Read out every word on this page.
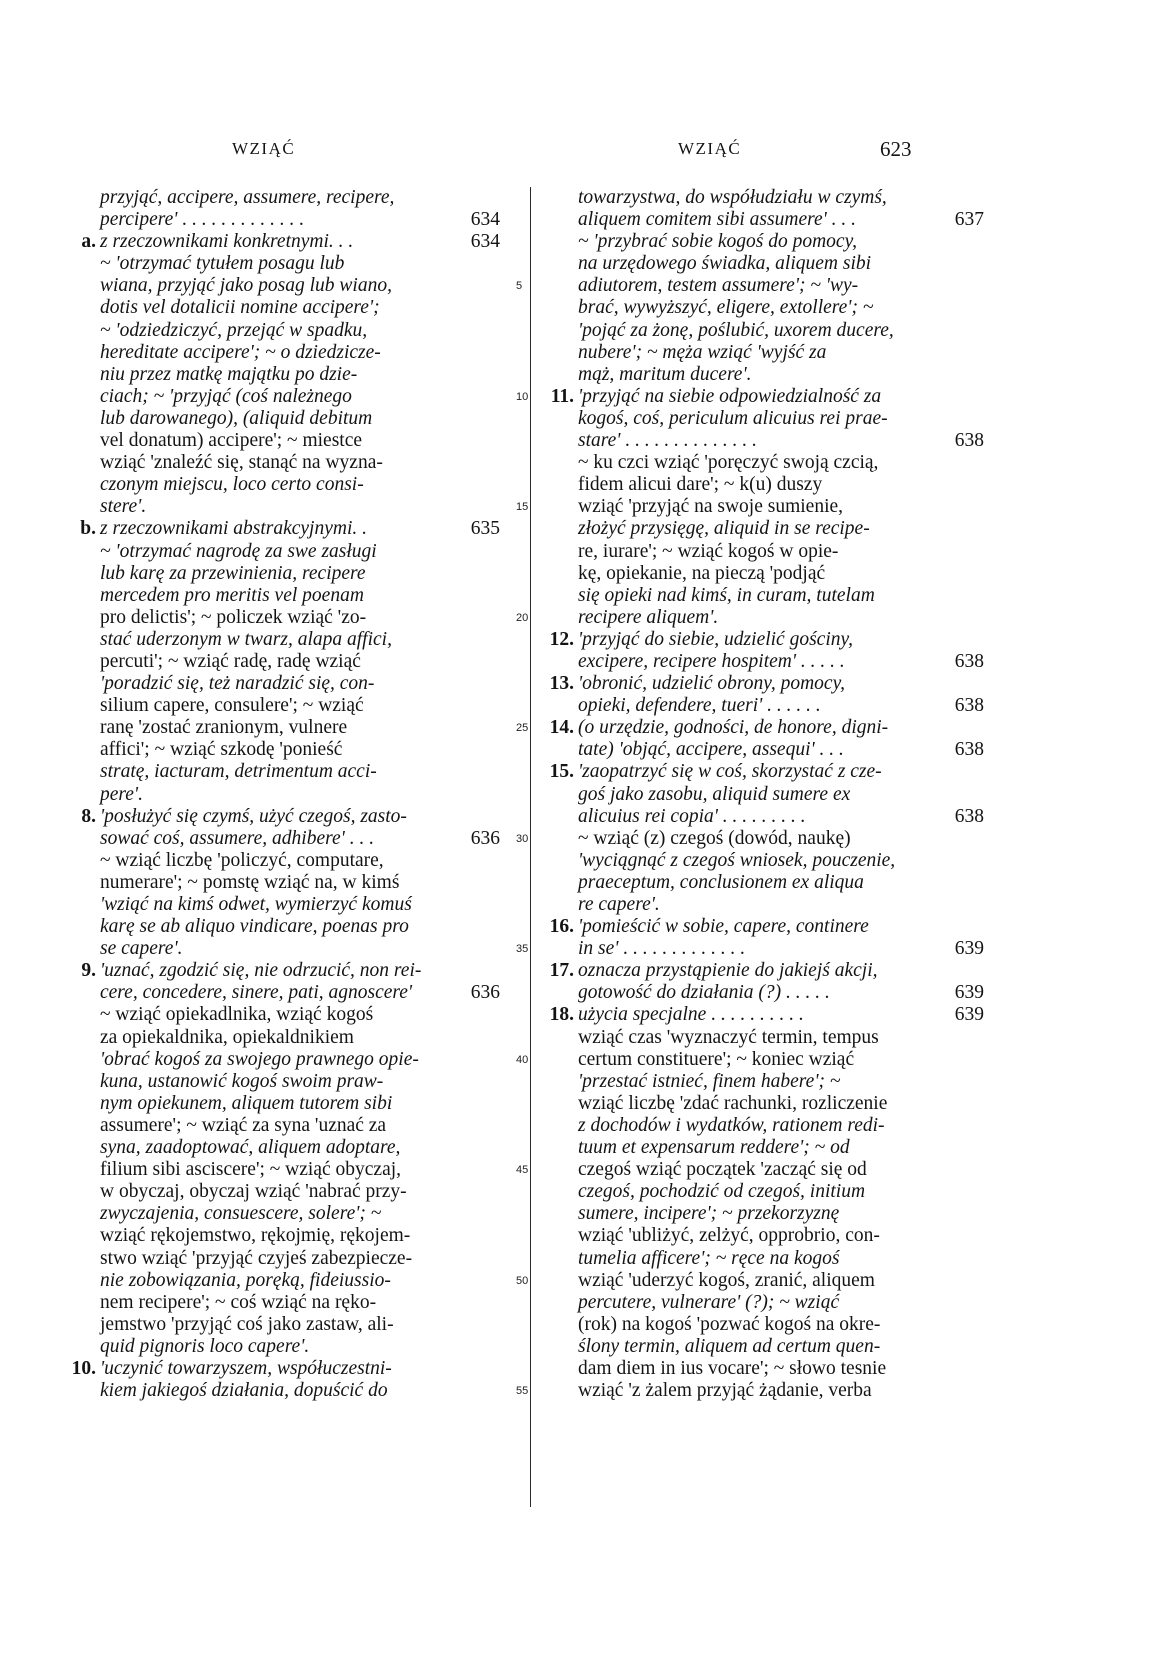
WZIĄĆ	WZIĄĆ	623
5
10
15
20
25
30
35
40
45
50
55
przyjąć, accipere, assumere, recipere,
percipere' . . . . . . . . . . . . .	634
a. z rzeczownikami konkretnymi. . .	634
~ 'otrzymać tytułem posagu lub
wiana, przyjąć jako posag lub wiano,
dotis vel dotalicii nomine accipere';
~ 'odziedziczyć, przejąć w spadku,
hereditate accipere'; ~ o dziedzicze-
niu przez matkę majątku po dzie-
ciach; ~ 'przyjąć (coś należnego
lub darowanego), (aliquid debitum
vel donatum) accipere'; ~ miestce
wziąć 'znaleźć się, stanąć na wyzna-
czonym miejscu, loco certo consi-
stere'.
b. z rzeczownikami abstrakcyjnymi. .	635
~ 'otrzymać nagrodę za swe zasługi
lub karę za przewinienia, recipere
mercedem pro meritis vel poenam
pro delictis'; ~ policzek wziąć 'zo-
stać uderzonym w twarz, alapa affici,
percuti'; ~ wziąć radę, radę wziąć
'poradzić się, też naradzić się, con-
silium capere, consulere'; ~ wziąć
ranę 'zostać zranionym, vulnere
affici'; ~ wziąć szkodę 'ponieść
stratę, iacturam, detrimentum acci-
pere'.
8. 'posłużyć się czymś, użyć czegoś, zasto-
sować coś, assumere, adhibere' . . .	636
~ wziąć liczbę 'policzyć, computare,
numerare'; ~ pomstę wziąć na, w kimś
'wziąć na kimś odwet, wymierzyć komuś
karę se ab aliquo vindicare, poenas pro
se capere'.
9. 'uznać, zgodzić się, nie odrzucić, non rei-
cere, concedere, sinere, pati, agnoscere'	636
~ wziąć opiekadlnika, wziąć kogoś
za opiekaldnika, opiekaldnikiem
'obrać kogoś za swojego prawnego opie-
kuna, ustanowić kogoś swoim praw-
nym opiekunem, aliquem tutorem sibi
assumere'; ~ wziąć za syna 'uznać za
syna, zaadoptować, aliquem adoptare,
filium sibi asciscere'; ~ wziąć obyczaj,
w obyczaj, obyczaj wziąć 'nabrać przy-
zwyczajenia, consuescere, solere'; ~
wziąć rękojemstwo, rękojmię, rękojem-
stwo wziąć 'przyjąć czyjeś zabezpiecze-
nie zobowiązania, poręką, fideiussio-
nem recipere'; ~ coś wziąć na ręko-
jemstwo 'przyjąć coś jako zastaw, ali-
quid pignoris loco capere'.
10. 'uczynić towarzyszem, współuczestni-
kiem jakiegoś działania, dopuścić do
towarzystwa, do współudziału w czymś,
aliquem comitem sibi assumere' . . .	637
~ 'przybrać sobie kogoś do pomocy,
na urzędowego świadka, aliquem sibi
adiutorem, testem assumere'; ~ 'wy-
brać, wywyższyć, eligere, extollere'; ~
'pojąć za żonę, poślubić, uxorem ducere,
nubere'; ~ męża wziąć 'wyjść za
mąż, maritum ducere'.
11. 'przyjąć na siebie odpowiedzialność za
kogoś, coś, periculum alicuius rei prae-
stare' . . . . . . . . . . . . . .	638
~ ku czci wziąć 'poręczyć swoją czcią,
fidem alicui dare'; ~ k(u) duszy
wziąć 'przyjąć na swoje sumienie,
złożyć przysięgę, aliquid in se recipe-
re, iurare'; ~ wziąć kogoś w opie-
kę, opiekanie, na pieczą 'podjąć
się opieki nad kimś, in curam, tutelam
recipere aliquem'.
12. 'przyjąć do siebie, udzielić gościny,
excipere, recipere hospitem' . . . . .	638
13. 'obronić, udzielić obrony, pomocy,
opieki, defendere, tueri' . . . . . .	638
14. (o urzędzie, godności, de honore, digni-
tate) 'objąć, accipere, assequi' . . .	638
15. 'zaopatrzyć się w coś, skorzystać z cze-
goś jako zasobu, aliquid sumere ex
alicuius rei copia' . . . . . . . . .	638
~ wziąć (z) czegoś (dowód, naukę)
'wyciągnąć z czegoś wniosek, pouczenie,
praeceptum, conclusionem ex aliqua
re capere'.
16. 'pomieścić w sobie, capere, continere
in se' . . . . . . . . . . . . .	639
17. oznacza przystąpienie do jakiejś akcji,
gotowość do działania (?) . . . . .	639
18. użycia specjalne . . . . . . . . . .	639
wziąć czas 'wyznaczyć termin, tempus
certum constituere'; ~ koniec wziąć
'przestać istnieć, finem habere'; ~
wziąć liczbę 'zdać rachunki, rozliczenie
z dochodów i wydatków, rationem redi-
tuum et expensarum reddere'; ~ od
czegoś wziąć początek 'zacząć się od
czegoś, pochodzić od czegoś, initium
sumere, incipere'; ~ przekorzyznę
wziąć 'ubliżyć, zelżyć, opprobrio, con-
tumelia afficere'; ~ ręce na kogoś
wziąć 'uderzyć kogoś, zranić, aliquem
percutere, vulnerare' (?); ~ wziąć
(rok) na kogoś 'pozwać kogoś na okre-
ślony termin, aliquem ad certum quen-
dam diem in ius vocare'; ~ słowo tesnie
wziąć 'z żalem przyjąć żądanie, verba
